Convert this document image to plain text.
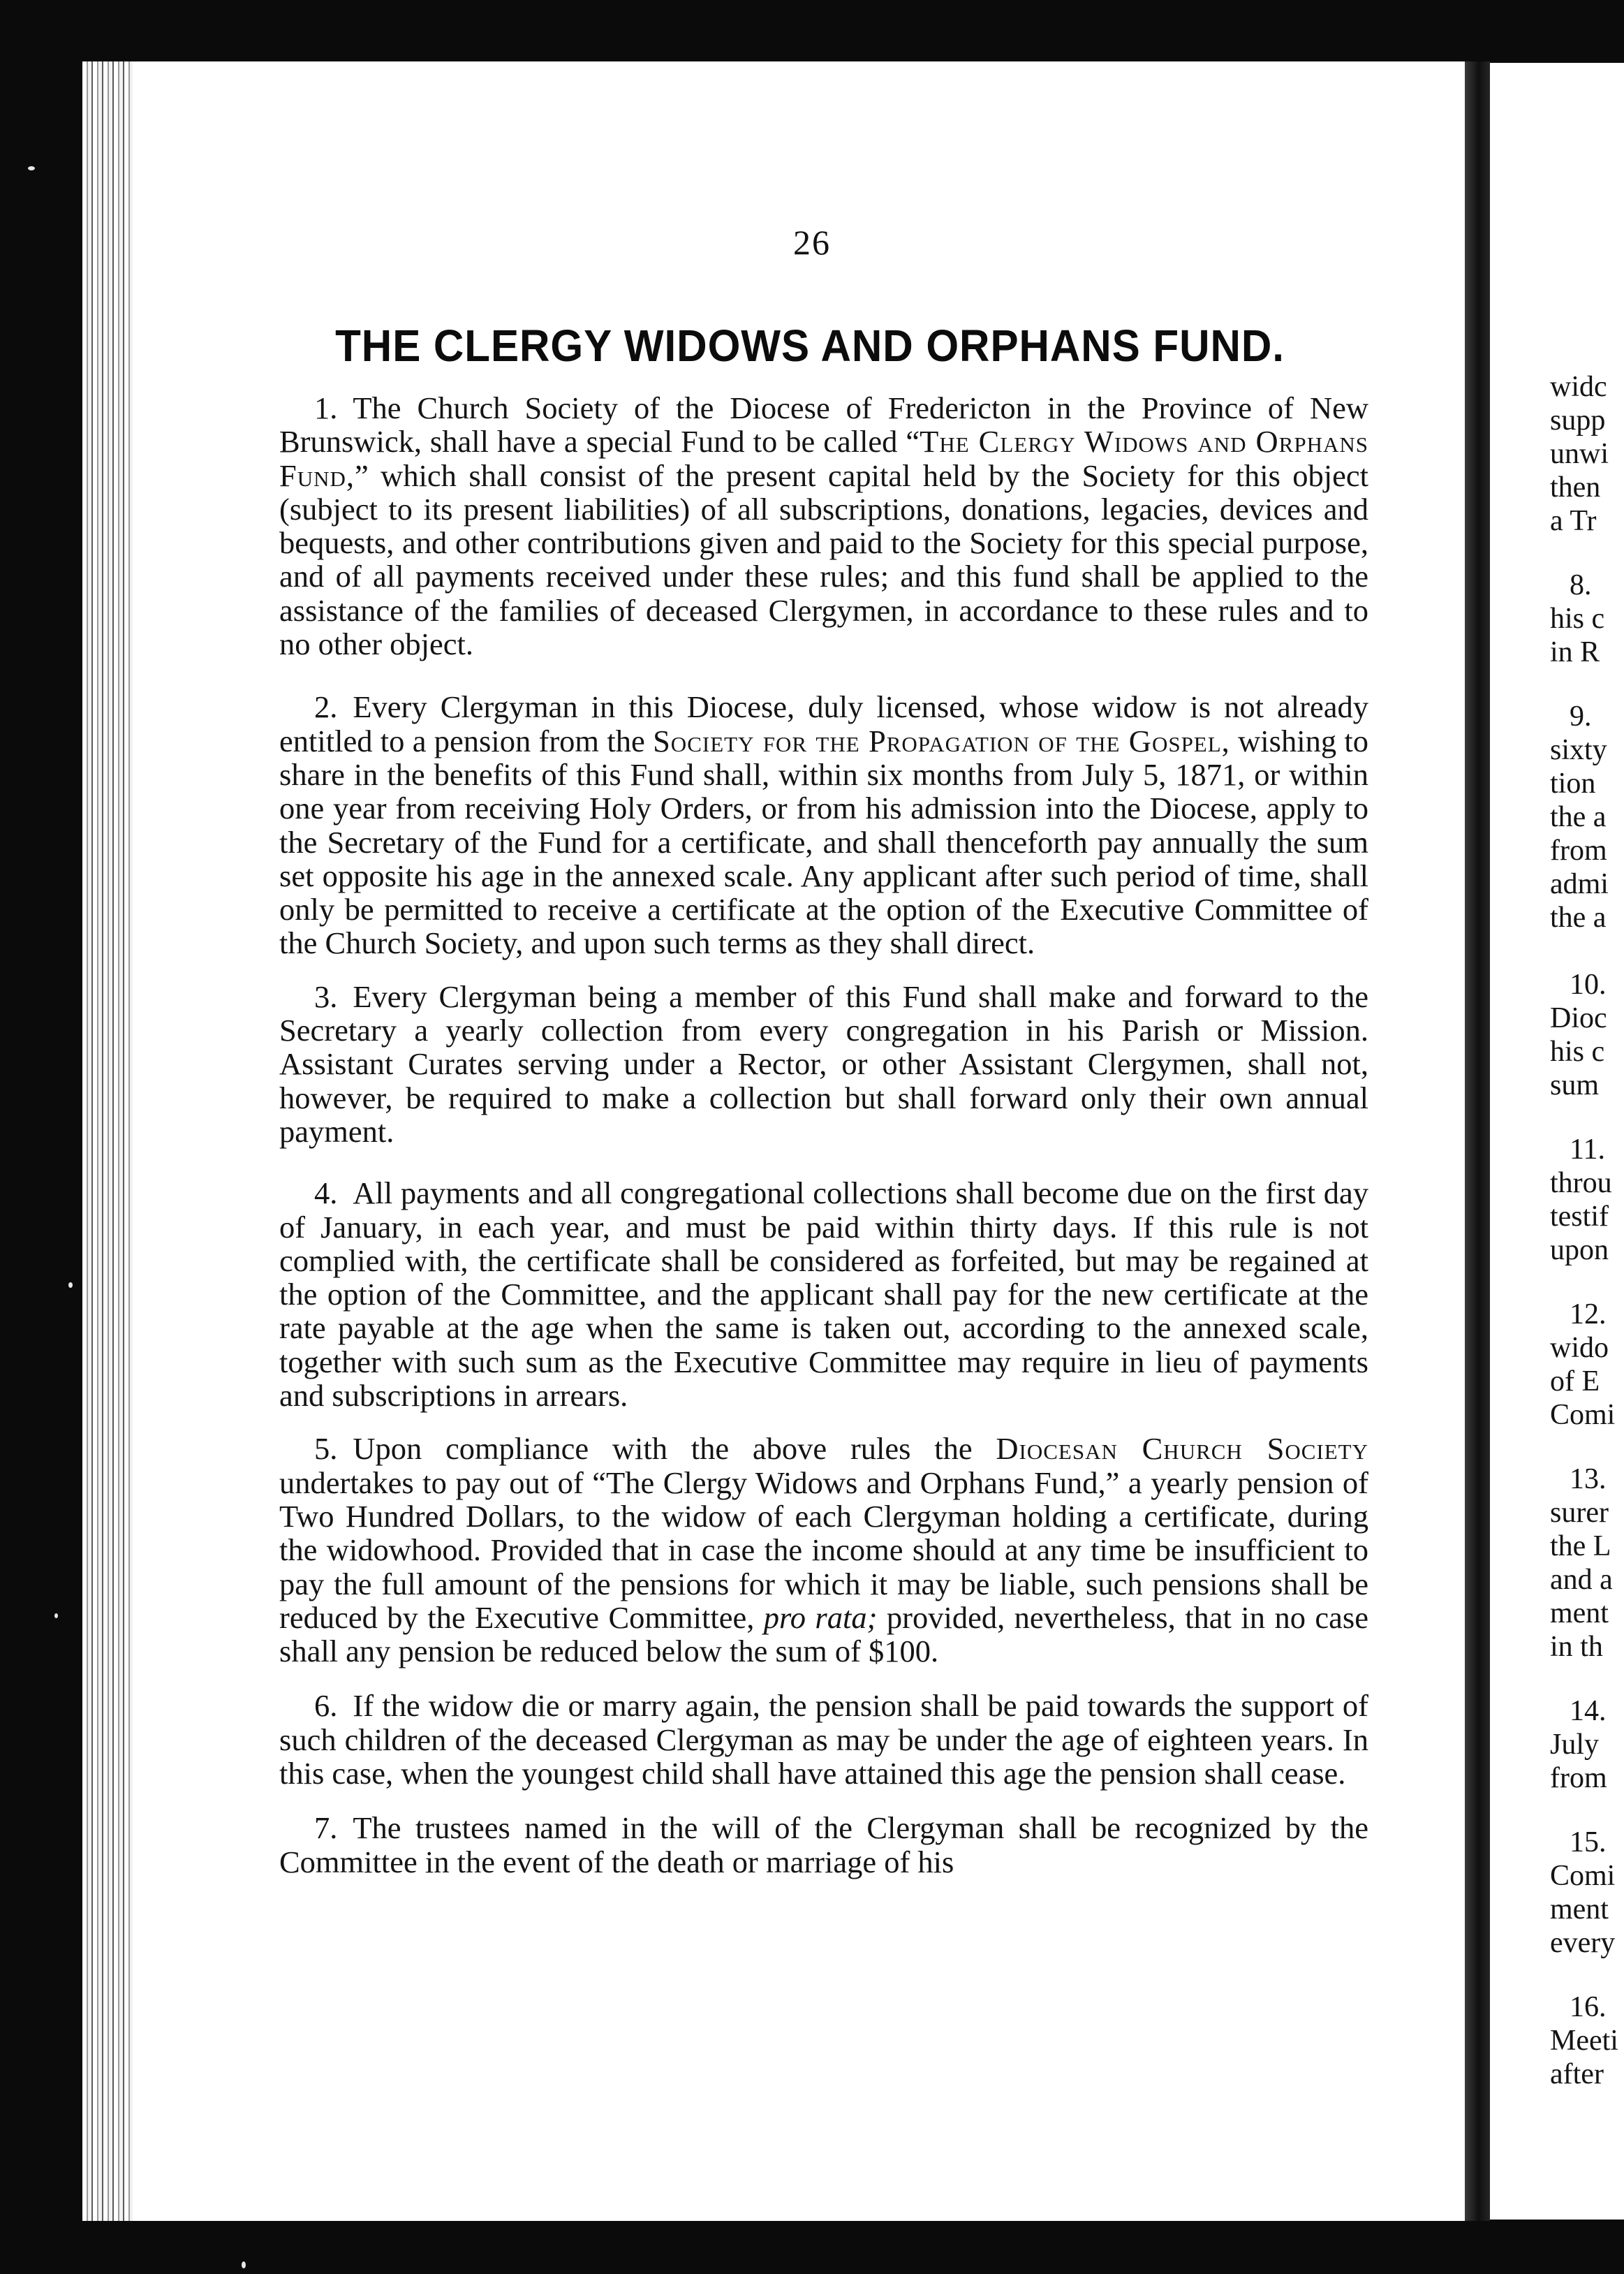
widc
supp
unwi
then
a Tr
8.
his c
in R
9.
sixty
tion
the a
from
admi
the a
10.
Dioc
his c
sum
11.
throu
testif
upon
12.
wido
of E
Comi
13.
surer
the L
and a
ment
in th
14.
July
from
15.
Comi
ment
every
16.
Meeti
after
26
THE CLERGY WIDOWS AND ORPHANS FUND.

1. The Church Society of the Diocese of Fredericton in the Province of New Brunswick, shall have a special Fund to be called “The Clergy Widows and Orphans Fund,” which shall consist of the present capital held by the Society for this object (subject to its present liabilities) of all subscriptions, donations, legacies, devices and bequests, and other contributions given and paid to the Society for this special purpose, and of all payments received under these rules; and this fund shall be applied to the assistance of the families of deceased Clergymen, in accordance to these rules and to no other object.

2. Every Clergyman in this Diocese, duly licensed, whose widow is not already entitled to a pension from the Society for the Propagation of the Gospel, wishing to share in the benefits of this Fund shall, within six months from July 5, 1871, or within one year from receiving Holy Orders, or from his admission into the Diocese, apply to the Secretary of the Fund for a certificate, and shall thenceforth pay annually the sum set opposite his age in the annexed scale. Any applicant after such period of time, shall only be permitted to receive a certificate at the option of the Executive Committee of the Church Society, and upon such terms as they shall direct.

3. Every Clergyman being a member of this Fund shall make and forward to the Secretary a yearly collection from every congregation in his Parish or Mission. Assistant Curates serving under a Rector, or other Assistant Clergymen, shall not, however, be required to make a collection but shall forward only their own annual payment.

4. All payments and all congregational collections shall become due on the first day of January, in each year, and must be paid within thirty days. If this rule is not complied with, the certificate shall be considered as forfeited, but may be regained at the option of the Committee, and the applicant shall pay for the new certificate at the rate payable at the age when the same is taken out, according to the annexed scale, together with such sum as the Executive Committee may require in lieu of payments and subscriptions in arrears.

5. Upon compliance with the above rules the Diocesan Church Society undertakes to pay out of “The Clergy Widows and Orphans Fund,” a yearly pension of Two Hundred Dollars, to the widow of each Clergyman holding a certificate, during the widowhood. Provided that in case the income should at any time be insufficient to pay the full amount of the pensions for which it may be liable, such pensions shall be reduced by the Executive Committee, pro rata; provided, nevertheless, that in no case shall any pension be reduced below the sum of $100.

6. If the widow die or marry again, the pension shall be paid towards the support of such children of the deceased Clergyman as may be under the age of eighteen years. In this case, when the youngest child shall have attained this age the pension shall cease.

7. The trustees named in the will of the Clergyman shall be recognized by the Committee in the event of the death or marriage of his
